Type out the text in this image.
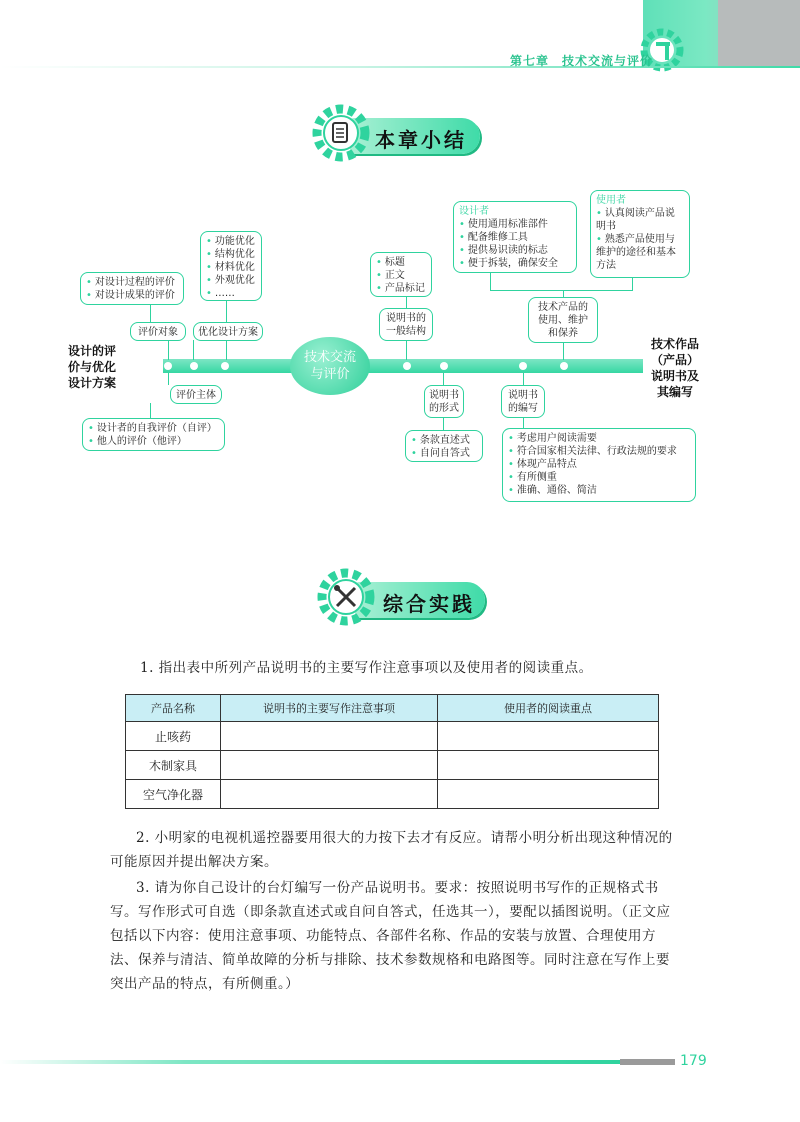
第七章　技术交流与评价
本章小结
设计的评
价与优化
设计方案
技术作品
（产品）
说明书及
其编写
技术交流
与评价
• 对设计过程的评价
• 对设计成果的评价
评价对象
• 功能优化
• 结构优化
• 材料优化
• 外观优化
• ……
优化设计方案
评价主体
• 设计者的自我评价（自评）
• 他人的评价（他评）
• 标题
• 正文
• 产品标记
说明书的
一般结构
说明书
的形式
• 条款直述式
• 自问自答式
说明书
的编写
• 考虑用户阅读需要
• 符合国家相关法律、行政法规的要求
• 体现产品特点
• 有所侧重
• 准确、通俗、简洁
设计者
• 使用通用标准部件
• 配备维修工具
• 提供易识读的标志
• 便于拆装，确保安全
使用者
• 认真阅读产品说明书
• 熟悉产品使用与维护的途径和基本方法
技术产品的
使用、维护
和保养
综合实践
1. 指出表中所列产品说明书的主要写作注意事项以及使用者的阅读重点。
产品名称	说明书的主要写作注意事项	使用者的阅读重点
止咳药		
木制家具		
空气净化器		
2. 小明家的电视机遥控器要用很大的力按下去才有反应。请帮小明分析出现这种情况的可能原因并提出解决方案。
3. 请为你自己设计的台灯编写一份产品说明书。要求：按照说明书写作的正规格式书写。写作形式可自选（即条款直述式或自问自答式，任选其一），要配以插图说明。（正文应包括以下内容：使用注意事项、功能特点、各部件名称、作品的安装与放置、合理使用方法、保养与清洁、简单故障的分析与排除、技术参数规格和电路图等。同时注意在写作上要突出产品的特点，有所侧重。）
179
